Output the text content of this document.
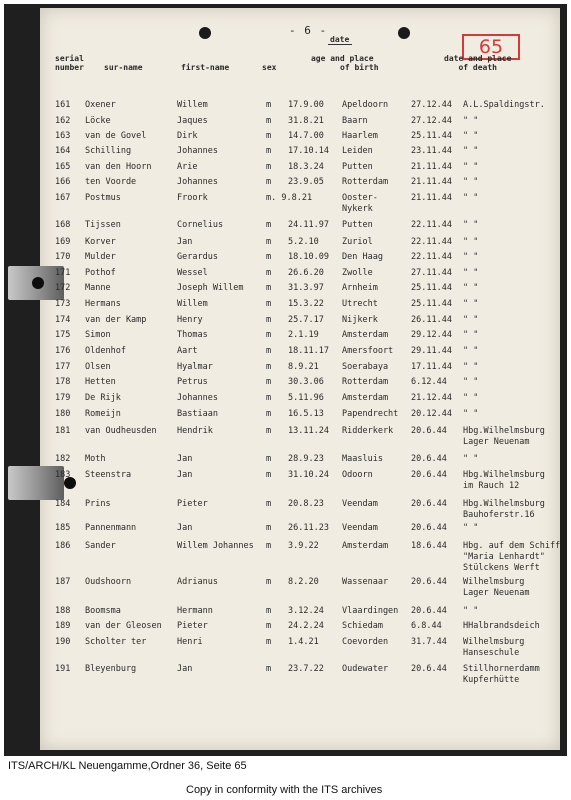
- 6 -
65
serial
number	sur-name	first-name	sex
date
age and place
of birth
date and place
of death
161 Oxener	Willem	m 17.9.00 Apeldoorn	27.12.44 A.L.Spaldingstr.
162 Löcke	Jaques	m 31.8.21 Baarn	27.12.44 " "
163 van de Govel	Dirk	m 14.7.00 Haarlem	25.11.44 " "
164 Schilling	Johannes	m 17.10.14 Leiden	23.11.44 " "
165 van den Hoorn	Arie	m 18.3.24 Putten	21.11.44 " "
166 ten Voorde	Johannes	m 23.9.05 Rotterdam	21.11.44 " "
167 Postmus	Froork	m. 9.8.21	Ooster-	21.11.44 " "
Nykerk
168 Tijssen	Cornelius	m 24.11.97 Putten	22.11.44 " "
169 Korver	Jan	m 5.2.10	Zuriol	22.11.44 " "
170 Mulder	Gerardus	m 18.10.09 Den Haag	22.11.44 " "
171 Pothof	Wessel	m 26.6.20 Zwolle	27.11.44 " "
172 Manne	Joseph Willem	m 31.3.97 Arnheim	25.11.44 " "
173 Hermans	Willem	m 15.3.22 Utrecht	25.11.44 " "
174 van der Kamp	Henry	m 25.7.17 Nijkerk	26.11.44 " "
175 Simon	Thomas	m 2.1.19	Amsterdam	29.12.44 " "
176 Oldenhof	Aart	m 18.11.17 Amersfoort 29.11.44 " "
177 Olsen	Hyalmar	m 8.9.21	Soerabaya	17.11.44 " "
178 Hetten	Petrus	m 30.3.06 Rotterdam	6.12.44 " "
179 De Rijk	Johannes	m 5.11.96 Amsterdam	21.12.44 " "
180 Romeijn	Bastiaan	m 16.5.13 Papendrecht 20.12.44 " "
181 van Oudheusden Hendrik	m 13.11.24 Ridderkerk 20.6.44 Hbg.Wilhelmsburg
Lager Neuenam
182 Moth	Jan	m 28.9.23 Maasluis	20.6.44 " "
183 Steenstra	Jan	m 31.10.24 Odoorn	20.6.44 Hbg.Wilhelmsburg
im Rauch 12
184 Prins	Pieter	m 20.8.23 Veendam	20.6.44 Hbg.Wilhelmsburg
Bauhoferstr.16
185 Pannenmann	Jan	m 26.11.23 Veendam	20.6.44 " "
186 Sander	Willem Johannes m 3.9.22	Amsterdam	18.6.44 Hbg. auf dem Schiff
"Maria Lenhardt"
Stülckens Werft
187 Oudshoorn	Adrianus	m 8.2.20	Wassenaar	20.6.44 Wilhelmsburg
Lager Neuenam
188 Boomsma	Hermann	m 3.12.24 Vlaardingen 20.6.44 " "
189 van der Gleosen Pieter	m 24.2.24 Schiedam	6.8.44	HHalbrandsdeich
190 Scholter ter	Henri	m 1.4.21	Coevorden	31.7.44 Wilhelmsburg
Hanseschule
191 Bleyenburg	Jan	m 23.7.22 Oudewater	20.6.44 Stillhornerdamm
Kupferhütte
ITS/ARCH/KL Neuengamme,Ordner 36, Seite 65
Copy in conformity with the ITS archives
